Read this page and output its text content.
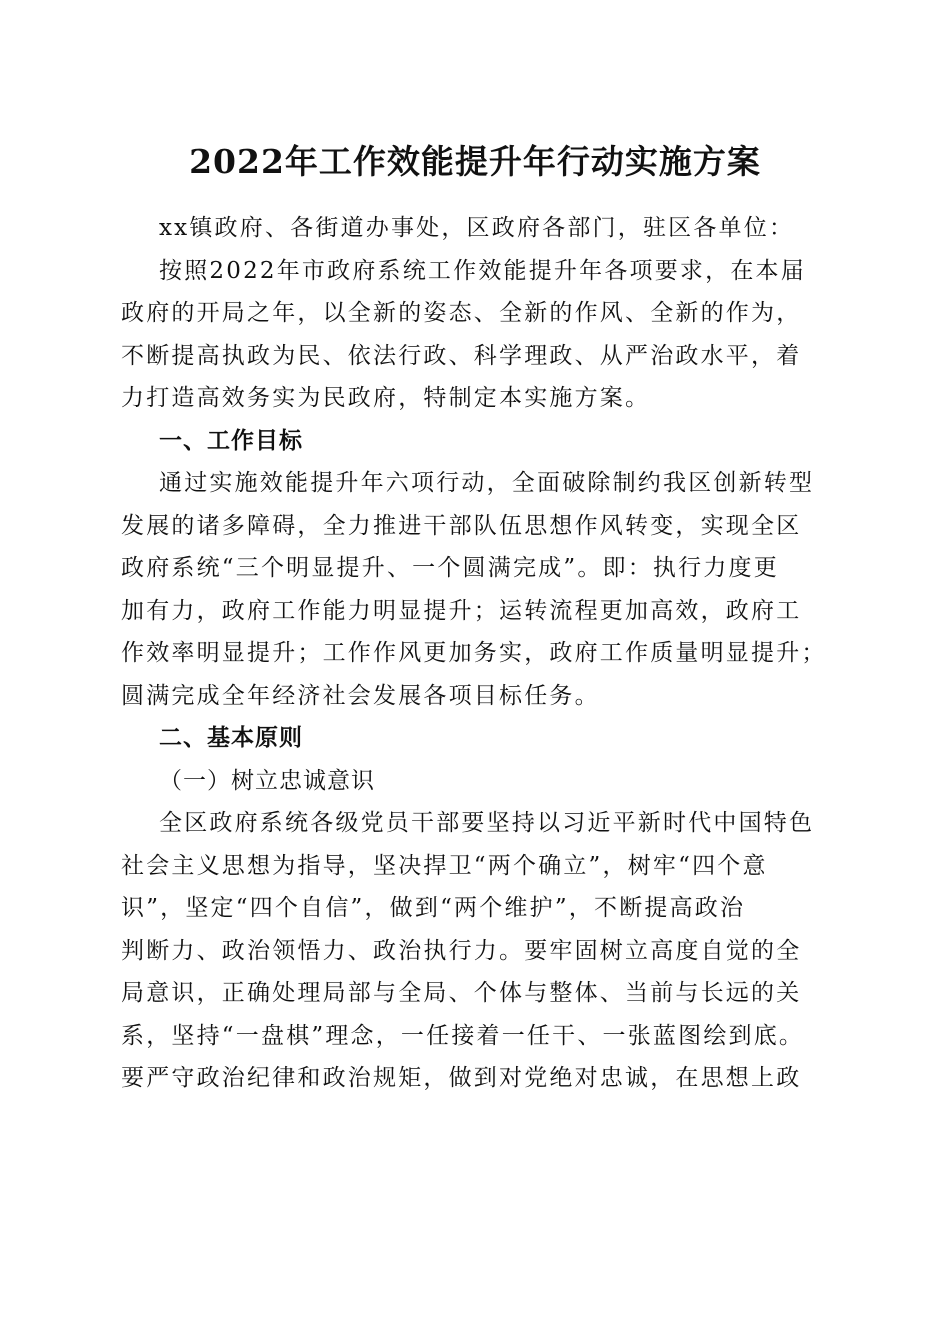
2022年工作效能提升年行动实施方案
xx镇政府、各街道办事处，区政府各部门，驻区各单位：
按照2022年市政府系统工作效能提升年各项要求，在本届
政府的开局之年，以全新的姿态、全新的作风、全新的作为，
不断提高执政为民、依法行政、科学理政、从严治政水平，着
力打造高效务实为民政府，特制定本实施方案。
一、工作目标
通过实施效能提升年六项行动，全面破除制约我区创新转型
发展的诸多障碍，全力推进干部队伍思想作风转变，实现全区
政府系统“三个明显提升、一个圆满完成”。即：执行力度更
加有力，政府工作能力明显提升；运转流程更加高效，政府工
作效率明显提升；工作作风更加务实，政府工作质量明显提升；
圆满完成全年经济社会发展各项目标任务。
二、基本原则
（一）树立忠诚意识
全区政府系统各级党员干部要坚持以习近平新时代中国特色
社会主义思想为指导，坚决捍卫“两个确立”，树牢“四个意
识”，坚定“四个自信”，做到“两个维护”，不断提高政治
判断力、政治领悟力、政治执行力。要牢固树立高度自觉的全
局意识，正确处理局部与全局、个体与整体、当前与长远的关
系，坚持“一盘棋”理念，一任接着一任干、一张蓝图绘到底。
要严守政治纪律和政治规矩，做到对党绝对忠诚，在思想上政
